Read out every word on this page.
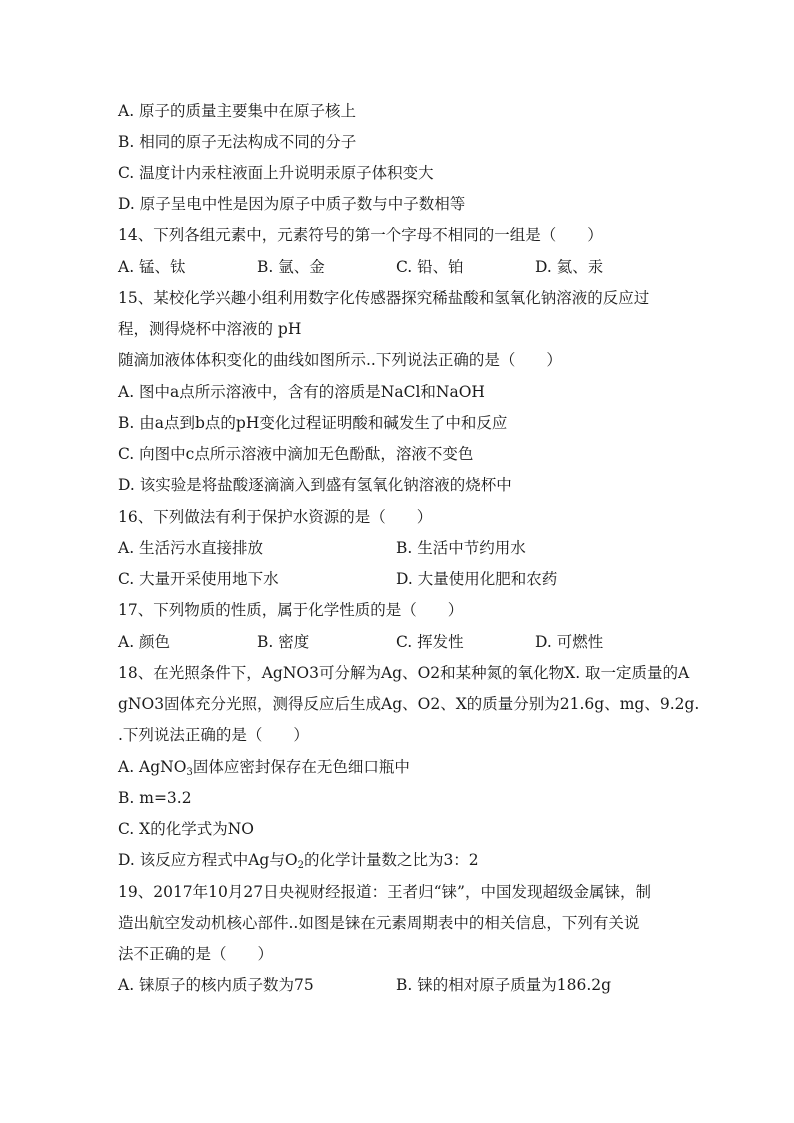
A. 原子的质量主要集中在原子核上
B. 相同的原子无法构成不同的分子
C. 温度计内汞柱液面上升说明汞原子体积变大
D. 原子呈电中性是因为原子中质子数与中子数相等
14、下列各组元素中，元素符号的第一个字母不相同的一组是（　　）
A. 锰、钛	B. 氩、金	C. 铅、铂	D. 氦、汞
15、某校化学兴趣小组利用数字化传感器探究稀盐酸和氢氧化钠溶液的反应过
程，测得烧杯中溶液的 pH
随滴加液体体积变化的曲线如图所示..下列说法正确的是（　　）
A. 图中a点所示溶液中，含有的溶质是NaCl和NaOH
B. 由a点到b点的pH变化过程证明酸和碱发生了中和反应
C. 向图中c点所示溶液中滴加无色酚酞，溶液不变色
D. 该实验是将盐酸逐滴滴入到盛有氢氧化钠溶液的烧杯中
16、下列做法有利于保护水资源的是（　　）
A. 生活污水直接排放	B. 生活中节约用水
C. 大量开采使用地下水	D. 大量使用化肥和农药
17、下列物质的性质，属于化学性质的是（　　）
A. 颜色	B. 密度	C. 挥发性	D. 可燃性
18、在光照条件下，AgNO3可分解为Ag、O2和某种氮的氧化物X. 取一定质量的A
gNO3固体充分光照，测得反应后生成Ag、O2、X的质量分别为21.6g、mg、9.2g.
.下列说法正确的是（　　）
A. AgNO$_3$固体应密封保存在无色细口瓶中
B. m=3.2
C. X的化学式为NO
D. 该反应方程式中Ag与$O_2$的化学计量数之比为3：2
19、2017年10月27日央视财经报道：王者归“铼”，中国发现超级金属铼，制
造出航空发动机核心部件..如图是铼在元素周期表中的相关信息，下列有关说
法不正确的是（　　）
A. 铼原子的核内质子数为75	B. 铼的相对原子质量为186.2g
